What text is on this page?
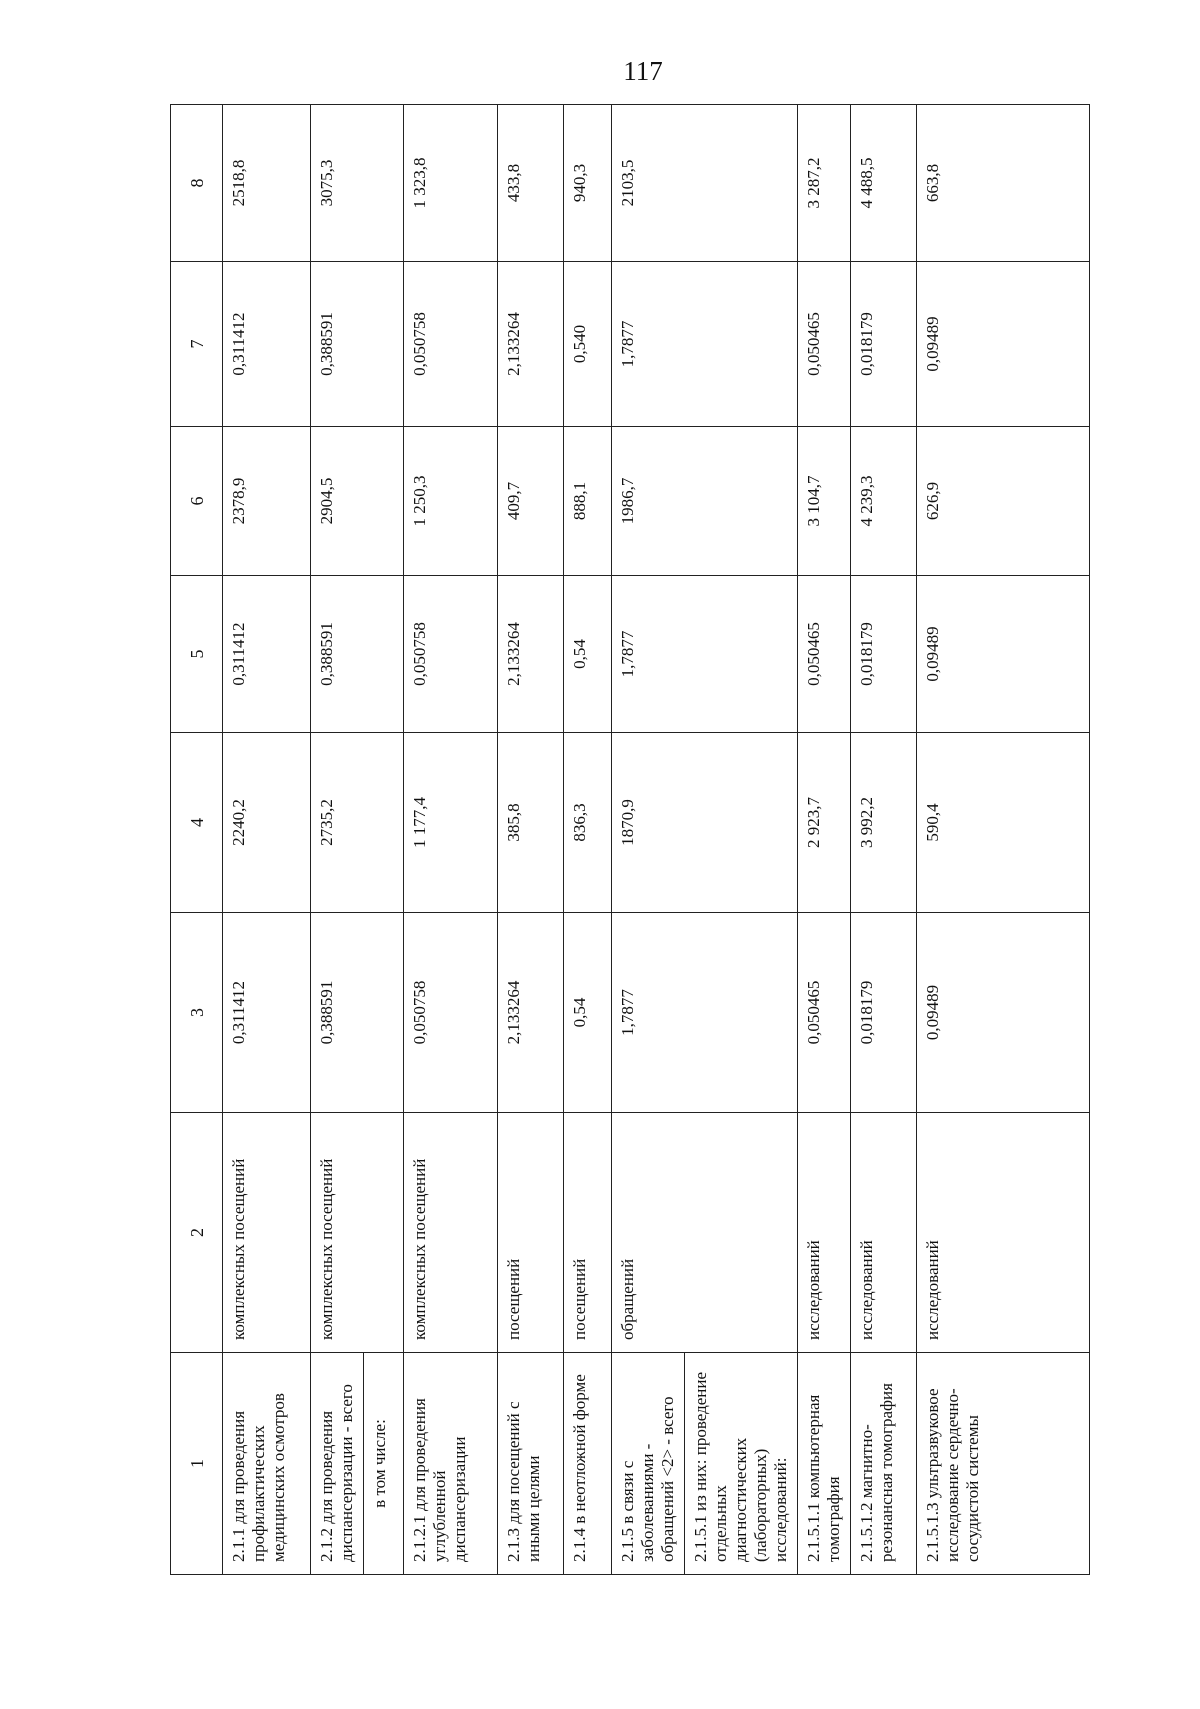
117
1	2	3	4	5	6	7	8
2.1.1 для проведения профилактических медицинских осмотров	комплексных посещений	0,311412	2240,2	0,311412	2378,9	0,311412	2518,8
2.1.2 для проведения диспансеризации - всего	комплексных посещений	0,388591	2735,2	0,388591	2904,5	0,388591	3075,3
в том числе:							
2.1.2.1 для проведения углубленной диспансеризации	комплексных посещений	0,050758	1 177,4	0,050758	1 250,3	0,050758	1 323,8
2.1.3 для посещений с иными целями	посещений	2,133264	385,8	2,133264	409,7	2,133264	433,8
2.1.4 в неотложной форме	посещений	0,54	836,3	0,54	888,1	0,540	940,3
2.1.5 в связи с заболеваниями - обращений <2> - всего	обращений	1,7877	1870,9	1,7877	1986,7	1,7877	2103,5
2.1.5.1 из них: проведение отдельных диагностических (лабораторных) исследований:							
2.1.5.1.1 компьютерная томография	исследований	0,050465	2 923,7	0,050465	3 104,7	0,050465	3 287,2
2.1.5.1.2 магнитно-резонансная томография	исследований	0,018179	3 992,2	0,018179	4 239,3	0,018179	4 488,5
2.1.5.1.3 ультразвуковое исследование сердечно-сосудистой системы	исследований	0,09489	590,4	0,09489	626,9	0,09489	663,8
